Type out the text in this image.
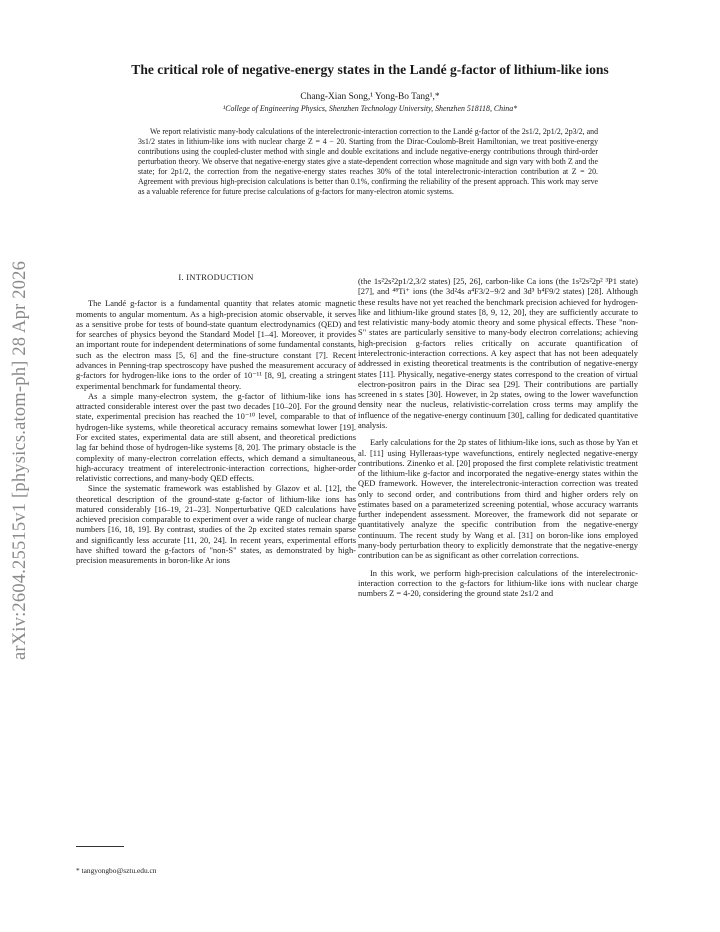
arXiv:2604.25515v1 [physics.atom-ph] 28 Apr 2026
The critical role of negative-energy states in the Landé g-factor of lithium-like ions
Chang-Xian Song,¹ Yong-Bo Tang¹,*
¹College of Engineering Physics, Shenzhen Technology University, Shenzhen 518118, China*

We report relativistic many-body calculations of the interelectronic-interaction correction to the Landé g-factor of the 2s1/2, 2p1/2, 2p3/2, and 3s1/2 states in lithium-like ions with nuclear charge Z = 4 − 20. Starting from the Dirac-Coulomb-Breit Hamiltonian, we treat positive-energy contributions using the coupled-cluster method with single and double excitations and include negative-energy contributions through third-order perturbation theory. We observe that negative-energy states give a state-dependent correction whose magnitude and sign vary with both Z and the state; for 2p1/2, the correction from the negative-energy states reaches 30% of the total interelectronic-interaction contribution at Z = 20. Agreement with previous high-precision calculations is better than 0.1%, confirming the reliability of the present approach. This work may serve as a valuable reference for future precise calculations of g-factors for many-electron atomic systems.

I. INTRODUCTION

The Landé g-factor is a fundamental quantity that relates atomic magnetic moments to angular momentum. As a high-precision atomic observable, it serves as a sensitive probe for tests of bound-state quantum electrodynamics (QED) and for searches of physics beyond the Standard Model [1–4]. Moreover, it provides an important route for independent determinations of some fundamental constants, such as the electron mass [5, 6] and the fine-structure constant [7]. Recent advances in Penning-trap spectroscopy have pushed the measurement accuracy of g-factors for hydrogen-like ions to the order of 10⁻¹¹ [8, 9], creating a stringent experimental benchmark for fundamental theory.

As a simple many-electron system, the g-factor of lithium-like ions has attracted considerable interest over the past two decades [10–20]. For the ground state, experimental precision has reached the 10⁻¹⁰ level, comparable to that of hydrogen-like systems, while theoretical accuracy remains somewhat lower [19]. For excited states, experimental data are still absent, and theoretical predictions lag far behind those of hydrogen-like systems [8, 20]. The primary obstacle is the complexity of many-electron correlation effects, which demand a simultaneous, high-accuracy treatment of interelectronic-interaction corrections, higher-order relativistic corrections, and many-body QED effects.

Since the systematic framework was established by Glazov et al. [12], the theoretical description of the ground-state g-factor of lithium-like ions has matured considerably [16–19, 21–23]. Nonperturbative QED calculations have achieved precision comparable to experiment over a wide range of nuclear charge numbers [16, 18, 19]. By contrast, studies of the 2p excited states remain sparse and significantly less accurate [11, 20, 24]. In recent years, experimental efforts have shifted toward the g-factors of "non-S" states, as demonstrated by high-precision measurements in boron-like Ar ions

(the 1s²2s²2p1/2,3/2 states) [25, 26], carbon-like Ca ions (the 1s²2s²2p² ³P1 state) [27], and ⁴⁸Ti⁺ ions (the 3d²4s a⁴F3/2−9/2 and 3d³ b⁴F9/2 states) [28]. Although these results have not yet reached the benchmark precision achieved for hydrogen-like and lithium-like ground states [8, 9, 12, 20], they are sufficiently accurate to test relativistic many-body atomic theory and some physical effects. These "non-S" states are particularly sensitive to many-body electron correlations; achieving high-precision g-factors relies critically on accurate quantification of interelectronic-interaction corrections. A key aspect that has not been adequately addressed in existing theoretical treatments is the contribution of negative-energy states [11]. Physically, negative-energy states correspond to the creation of virtual electron-positron pairs in the Dirac sea [29]. Their contributions are partially screened in s states [30]. However, in 2p states, owing to the lower wavefunction density near the nucleus, relativistic-correlation cross terms may amplify the influence of the negative-energy continuum [30], calling for dedicated quantitative analysis.

Early calculations for the 2p states of lithium-like ions, such as those by Yan et al. [11] using Hylleraas-type wavefunctions, entirely neglected negative-energy contributions. Zinenko et al. [20] proposed the first complete relativistic treatment of the lithium-like g-factor and incorporated the negative-energy states within the QED framework. However, the interelectronic-interaction correction was treated only to second order, and contributions from third and higher orders rely on estimates based on a parameterized screening potential, whose accuracy warrants further independent assessment. Moreover, the framework did not separate or quantitatively analyze the specific contribution from the negative-energy continuum. The recent study by Wang et al. [31] on boron-like ions employed many-body perturbation theory to explicitly demonstrate that the negative-energy contribution can be as significant as other correlation corrections.

In this work, we perform high-precision calculations of the interelectronic-interaction correction to the g-factors for lithium-like ions with nuclear charge numbers Z = 4-20, considering the ground state 2s1/2 and

* tangyongbo@sztu.edu.cn
